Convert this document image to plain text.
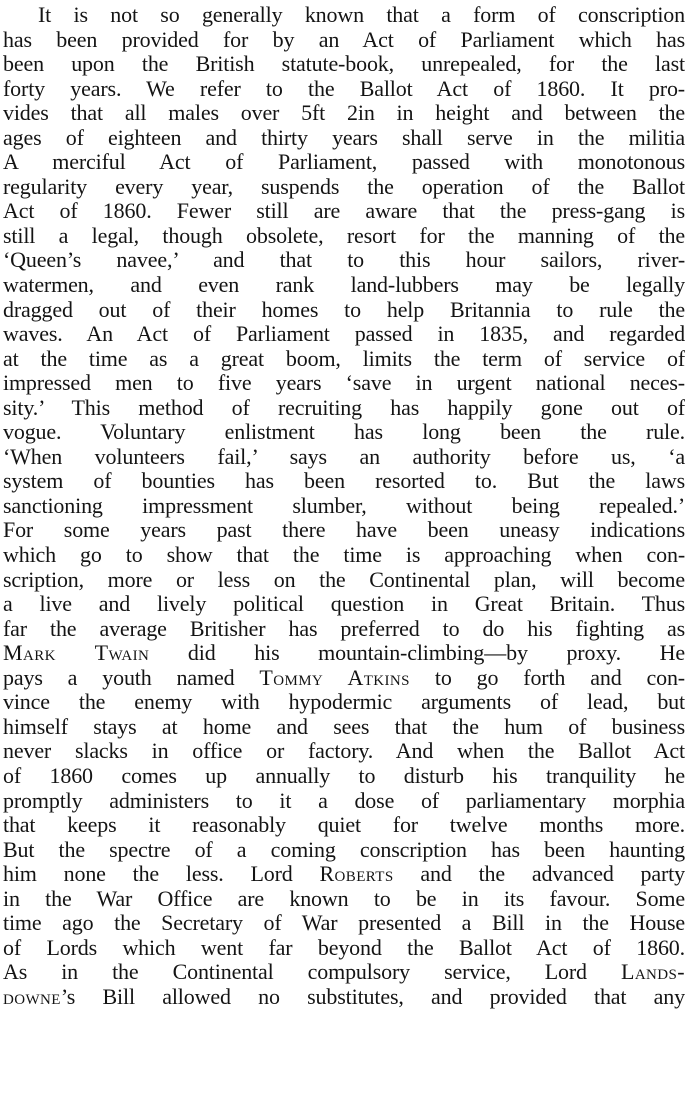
It is not so generally known that a form of conscription
has been provided for by an Act of Parliament which has
been upon the British statute-book, unrepealed, for the last
forty years. We refer to the Ballot Act of 1860. It pro-
vides that all males over 5ft 2in in height and between the
ages of eighteen and thirty years shall serve in the militia
A merciful Act of Parliament, passed with monotonous
regularity every year, suspends the operation of the Ballot
Act of 1860. Fewer still are aware that the press-gang is
still a legal, though obsolete, resort for the manning of the
‘Queen’s navee,’ and that to this hour sailors, river-
watermen, and even rank land-lubbers may be legally
dragged out of their homes to help Britannia to rule the
waves. An Act of Parliament passed in 1835, and regarded
at the time as a great boom, limits the term of service of
impressed men to five years ‘save in urgent national neces-
sity.’ This method of recruiting has happily gone out of
vogue. Voluntary enlistment has long been the rule.
‘When volunteers fail,’ says an authority before us, ‘a
system of bounties has been resorted to. But the laws
sanctioning impressment slumber, without being repealed.’
For some years past there have been uneasy indications
which go to show that the time is approaching when con-
scription, more or less on the Continental plan, will become
a live and lively political question in Great Britain. Thus
far the average Britisher has preferred to do his fighting as
Mark Twain did his mountain-climbing—by proxy. He
pays a youth named Tommy Atkins to go forth and con-
vince the enemy with hypodermic arguments of lead, but
himself stays at home and sees that the hum of business
never slacks in office or factory. And when the Ballot Act
of 1860 comes up annually to disturb his tranquility he
promptly administers to it a dose of parliamentary morphia
that keeps it reasonably quiet for twelve months more.
But the spectre of a coming conscription has been haunting
him none the less. Lord Roberts and the advanced party
in the War Office are known to be in its favour. Some
time ago the Secretary of War presented a Bill in the House
of Lords which went far beyond the Ballot Act of 1860.
As in the Continental compulsory service, Lord Lands-
downe’s Bill allowed no substitutes, and provided that any
